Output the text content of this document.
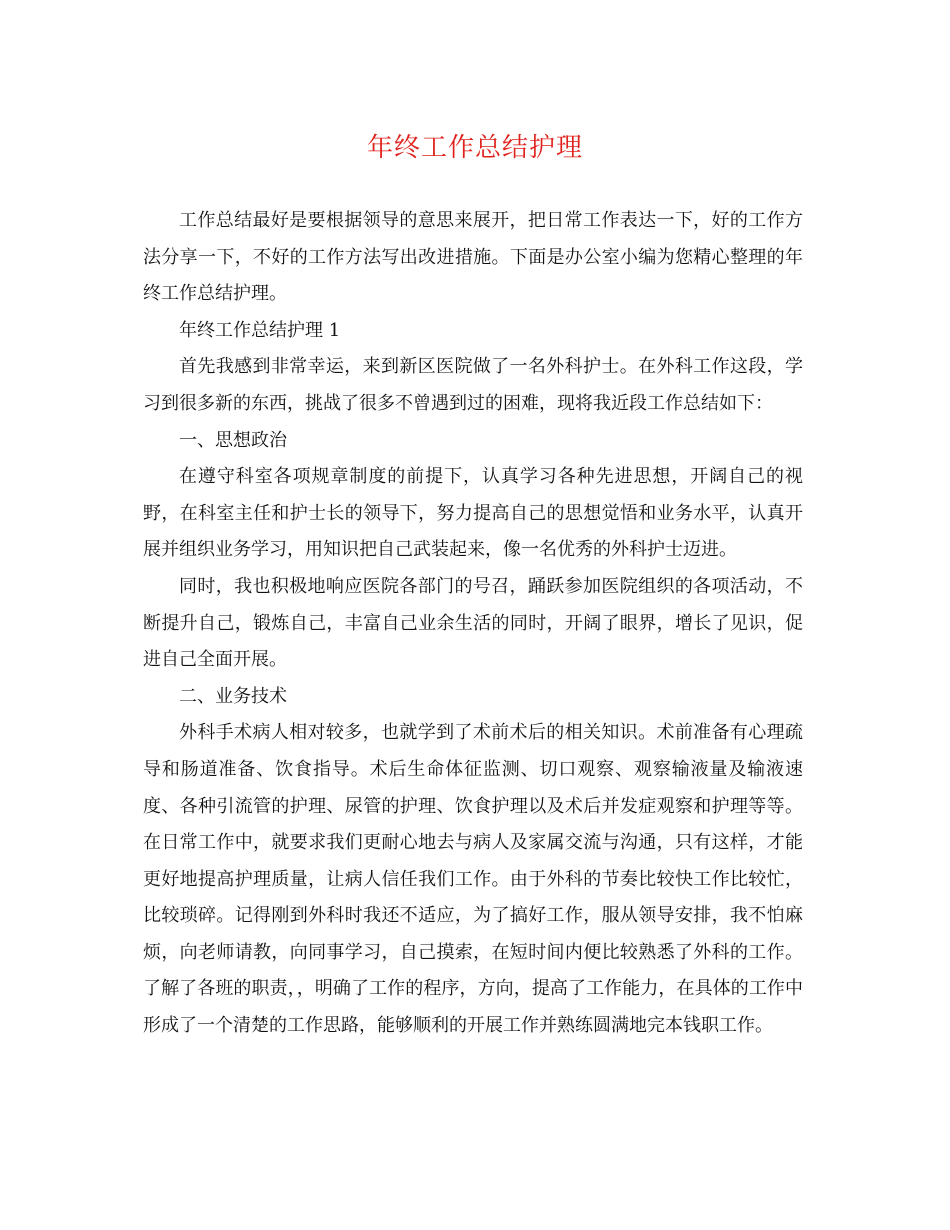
年终工作总结护理

工作总结最好是要根据领导的意思来展开，把日常工作表达一下，好的工作方法分享一下，不好的工作方法写出改进措施。下面是办公室小编为您精心整理的年终工作总结护理。

年终工作总结护理 1

首先我感到非常幸运，来到新区医院做了一名外科护士。在外科工作这段，学习到很多新的东西，挑战了很多不曾遇到过的困难，现将我近段工作总结如下：

一、思想政治

在遵守科室各项规章制度的前提下，认真学习各种先进思想，开阔自己的视野，在科室主任和护士长的领导下，努力提高自己的思想觉悟和业务水平，认真开展并组织业务学习，用知识把自己武装起来，像一名优秀的外科护士迈进。

同时，我也积极地响应医院各部门的号召，踊跃参加医院组织的各项活动，不断提升自己，锻炼自己，丰富自己业余生活的同时，开阔了眼界，增长了见识，促进自己全面开展。

二、业务技术

外科手术病人相对较多，也就学到了术前术后的相关知识。术前准备有心理疏导和肠道准备、饮食指导。术后生命体征监测、切口观察、观察输液量及输液速度、各种引流管的护理、尿管的护理、饮食护理以及术后并发症观察和护理等等。在日常工作中，就要求我们更耐心地去与病人及家属交流与沟通，只有这样，才能更好地提高护理质量，让病人信任我们工作。由于外科的节奏比较快工作比较忙，比较琐碎。记得刚到外科时我还不适应，为了搞好工作，服从领导安排，我不怕麻烦，向老师请教，向同事学习，自己摸索，在短时间内便比较熟悉了外科的工作。了解了各班的职责，，明确了工作的程序，方向，提高了工作能力，在具体的工作中形成了一个清楚的工作思路，能够顺利的开展工作并熟练圆满地完本钱职工作。
